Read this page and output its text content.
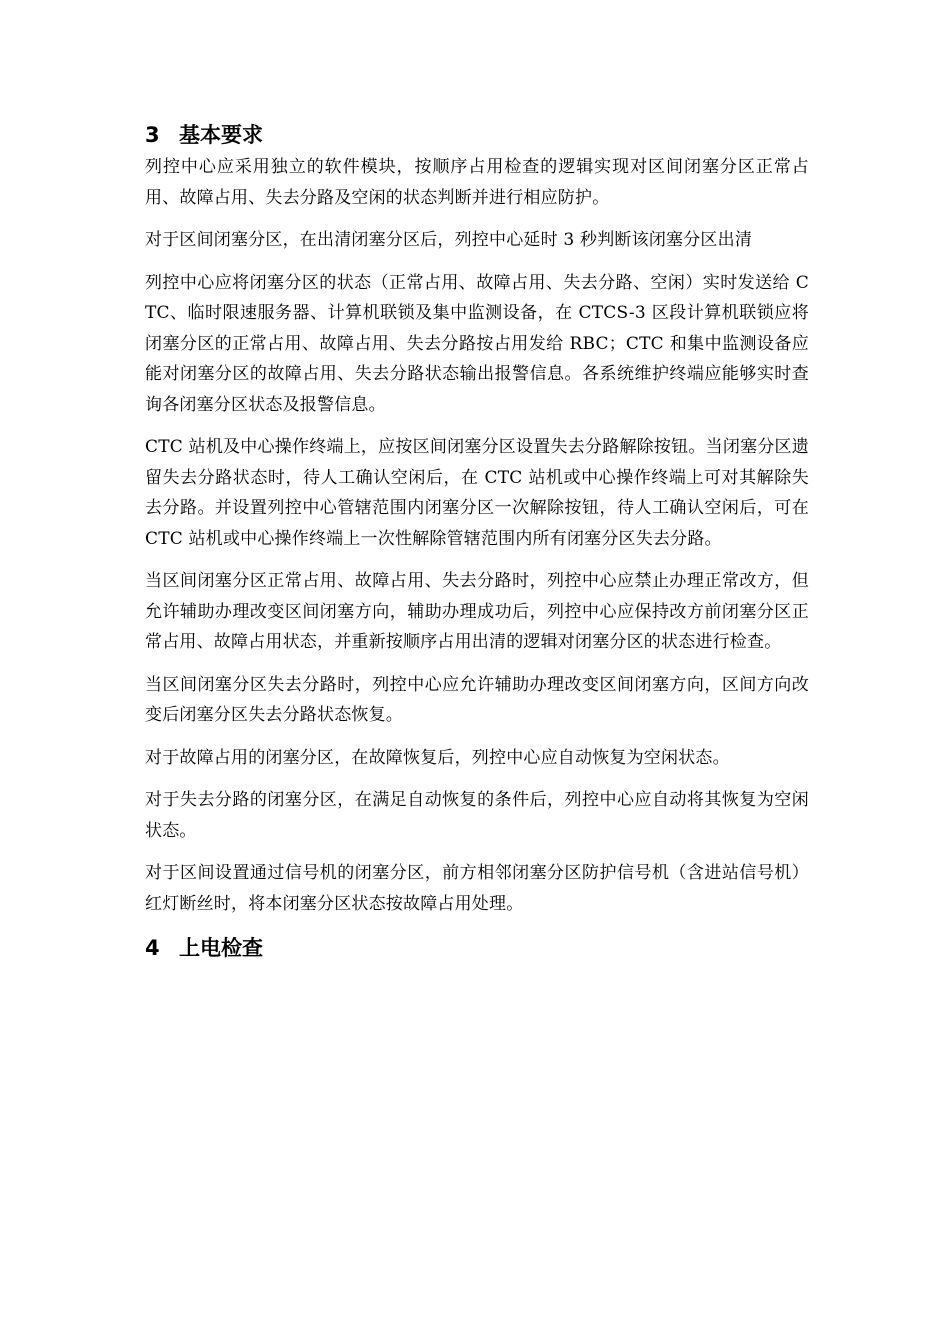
3 基本要求

列控中心应采用独立的软件模块，按顺序占用检查的逻辑实现对区间闭塞分区正常占用、故障占用、失去分路及空闲的状态判断并进行相应防护。

对于区间闭塞分区，在出清闭塞分区后，列控中心延时 3 秒判断该闭塞分区出清

列控中心应将闭塞分区的状态（正常占用、故障占用、失去分路、空闲）实时发送给 CTC、临时限速服务器、计算机联锁及集中监测设备，在 CTCS-3 区段计算机联锁应将闭塞分区的正常占用、故障占用、失去分路按占用发给 RBC；CTC 和集中监测设备应能对闭塞分区的故障占用、失去分路状态输出报警信息。各系统维护终端应能够实时查询各闭塞分区状态及报警信息。

CTC 站机及中心操作终端上，应按区间闭塞分区设置失去分路解除按钮。当闭塞分区遗留失去分路状态时，待人工确认空闲后，在 CTC 站机或中心操作终端上可对其解除失去分路。并设置列控中心管辖范围内闭塞分区一次解除按钮，待人工确认空闲后，可在 CTC 站机或中心操作终端上一次性解除管辖范围内所有闭塞分区失去分路。

当区间闭塞分区正常占用、故障占用、失去分路时，列控中心应禁止办理正常改方，但允许辅助办理改变区间闭塞方向，辅助办理成功后，列控中心应保持改方前闭塞分区正常占用、故障占用状态，并重新按顺序占用出清的逻辑对闭塞分区的状态进行检查。

当区间闭塞分区失去分路时，列控中心应允许辅助办理改变区间闭塞方向，区间方向改变后闭塞分区失去分路状态恢复。

对于故障占用的闭塞分区，在故障恢复后，列控中心应自动恢复为空闲状态。

对于失去分路的闭塞分区，在满足自动恢复的条件后，列控中心应自动将其恢复为空闲状态。

对于区间设置通过信号机的闭塞分区，前方相邻闭塞分区防护信号机（含进站信号机）红灯断丝时，将本闭塞分区状态按故障占用处理。

4 上电检查
